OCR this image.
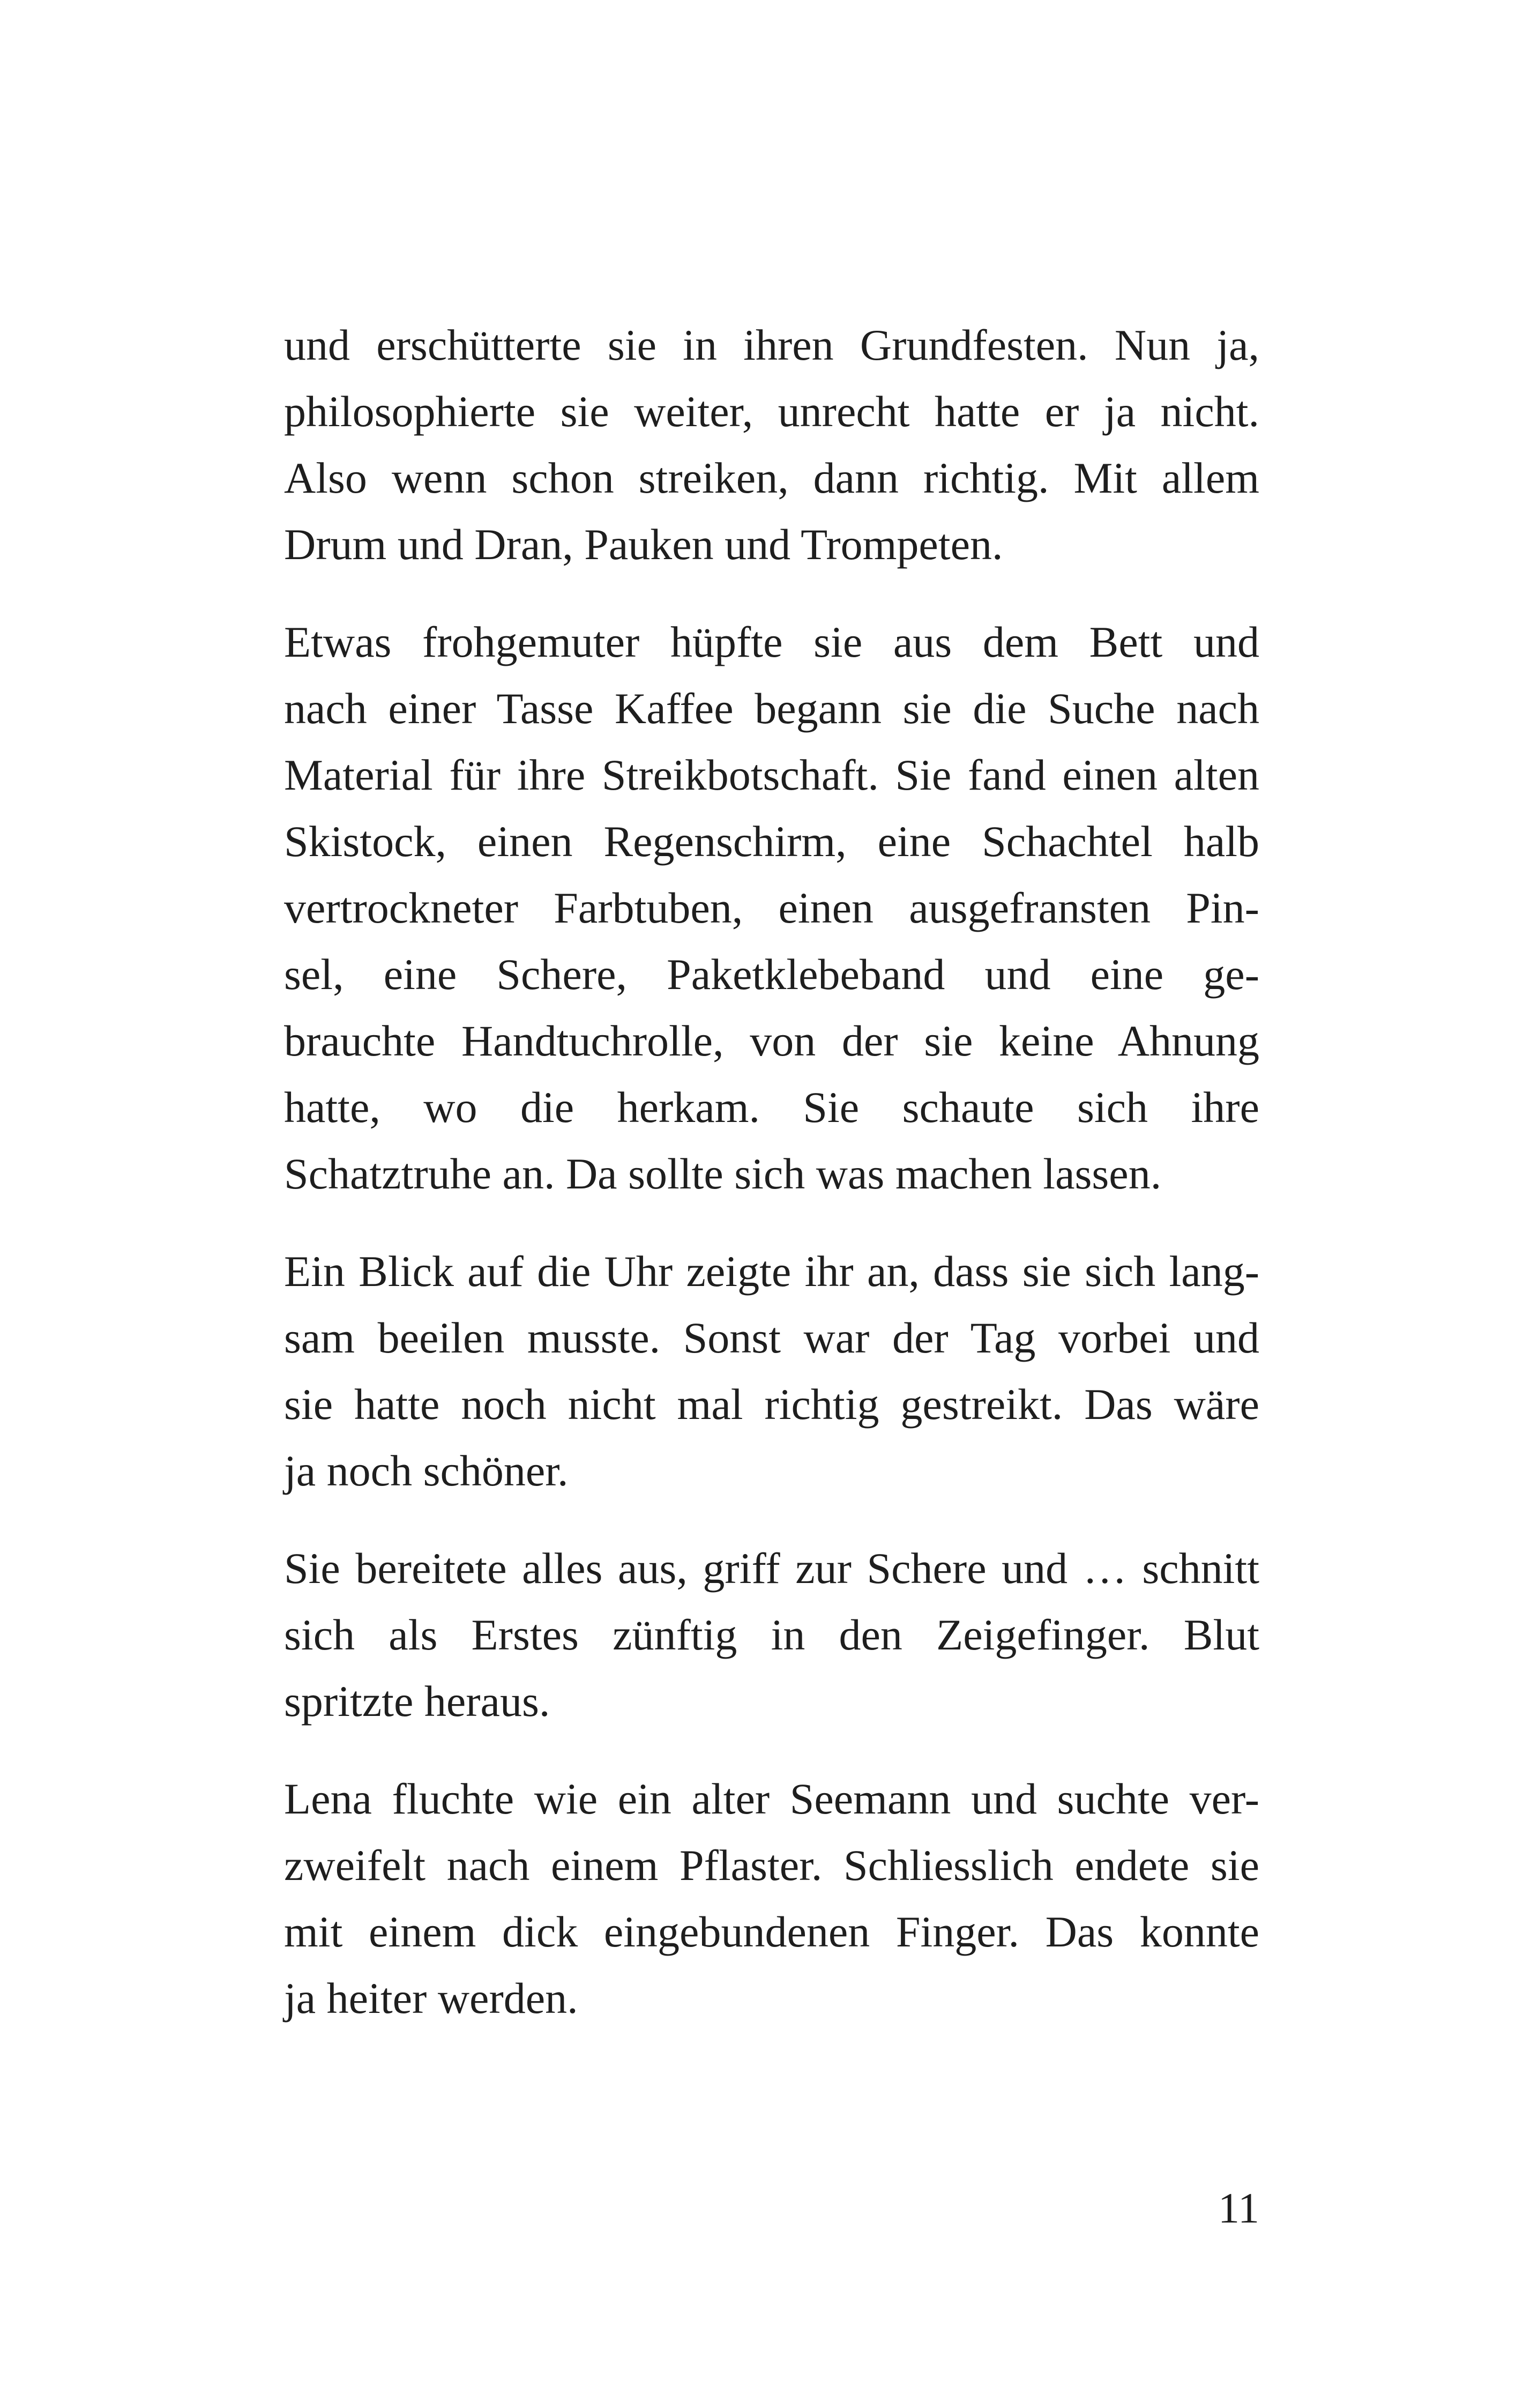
und erschütterte sie in ihren Grundfesten. Nun ja,
philosophierte sie weiter, unrecht hatte er ja nicht.
Also wenn schon streiken, dann richtig. Mit allem
Drum und Dran, Pauken und Trompeten.
Etwas frohgemuter hüpfte sie aus dem Bett und
nach einer Tasse Kaffee begann sie die Suche nach
Material für ihre Streikbotschaft. Sie fand einen alten
Skistock, einen Regenschirm, eine Schachtel halb
vertrockneter Farbtuben, einen ausgefransten Pin-
sel, eine Schere, Paketklebeband und eine ge-
brauchte Handtuchrolle, von der sie keine Ahnung
hatte, wo die herkam. Sie schaute sich ihre
Schatztruhe an. Da sollte sich was machen lassen.
Ein Blick auf die Uhr zeigte ihr an, dass sie sich lang-
sam beeilen musste. Sonst war der Tag vorbei und
sie hatte noch nicht mal richtig gestreikt. Das wäre
ja noch schöner.
Sie bereitete alles aus, griff zur Schere und … schnitt
sich als Erstes zünftig in den Zeigefinger. Blut
spritzte heraus.
Lena fluchte wie ein alter Seemann und suchte ver-
zweifelt nach einem Pflaster. Schliesslich endete sie
mit einem dick eingebundenen Finger. Das konnte
ja heiter werden.
11
